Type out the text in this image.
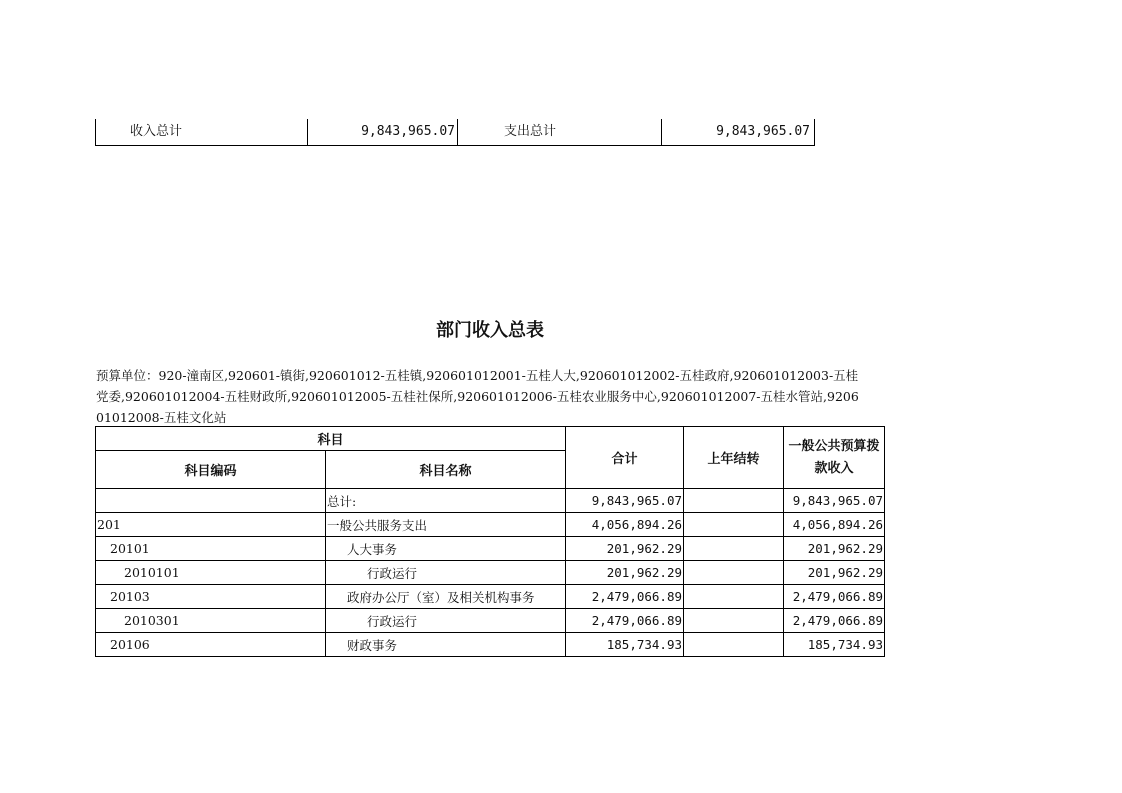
收入总计	9,843,965.07	支出总计	9,843,965.07
部门收入总表
预算单位：920-潼南区,920601-镇街,920601012-五桂镇,920601012001-五桂人大,920601012002-五桂政府,920601012003-五桂党委,920601012004-五桂财政所,920601012005-五桂社保所,920601012006-五桂农业服务中心,920601012007-五桂水管站,920601012008-五桂文化站
科目		合计	上年结转	一般公共预算拨款收入
科目编码	科目名称			
	总计:	9,843,965.07		9,843,965.07
201	一般公共服务支出	4,056,894.26		4,056,894.26
20101	人大事务	201,962.29		201,962.29
2010101	行政运行	201,962.29		201,962.29
20103	政府办公厅（室）及相关机构事务	2,479,066.89		2,479,066.89
2010301	行政运行	2,479,066.89		2,479,066.89
20106	财政事务	185,734.93		185,734.93
